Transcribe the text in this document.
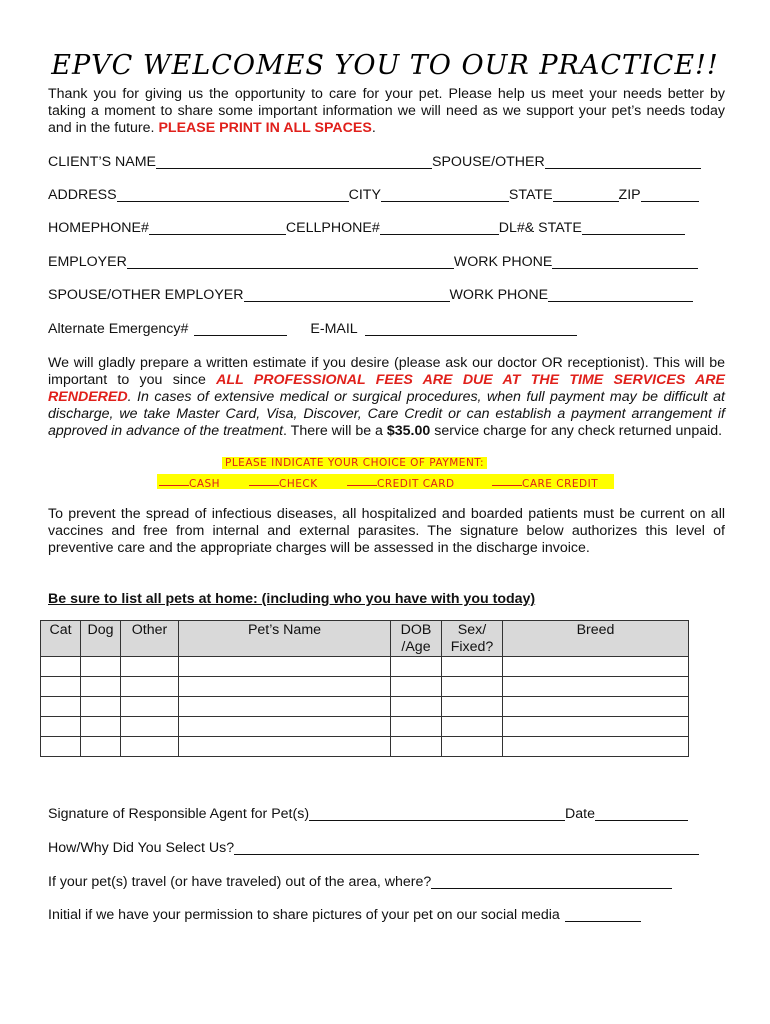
EPVC WELCOMES YOU TO OUR PRACTICE!!

Thank you for giving us the opportunity to care for your pet. Please help us meet your needs better by taking a moment to share some important information we will need as we support your pet’s needs today and in the future. PLEASE PRINT IN ALL SPACES.

CLIENT’S NAME	SPOUSE/OTHER
ADDRESS	CITY	STATE	ZIP
HOMEPHONE#	CELLPHONE#	DL#& STATE
EMPLOYER	WORK PHONE
SPOUSE/OTHER EMPLOYER	WORK PHONE
Alternate Emergency#	E-MAIL

We will gladly prepare a written estimate if you desire (please ask our doctor OR receptionist). This will be important to you since ALL PROFESSIONAL FEES ARE DUE AT THE TIME SERVICES ARE RENDERED. In cases of extensive medical or surgical procedures, when full payment may be difficult at discharge, we take Master Card, Visa, Discover, Care Credit or can establish a payment arrangement if approved in advance of the treatment. There will be a $35.00 service charge for any check returned unpaid.

PLEASE INDICATE YOUR CHOICE OF PAYMENT:
CASH	CHECK	CREDIT CARD	CARE CREDIT

To prevent the spread of infectious diseases, all hospitalized and boarded patients must be current on all vaccines and free from internal and external parasites. The signature below authorizes this level of preventive care and the appropriate charges will be assessed in the discharge invoice.

Be sure to list all pets at home: (including who you have with you today)
Cat	Dog	Other	Pet’s Name	DOB /Age	Sex/ Fixed?	Breed

Signature of Responsible Agent for Pet(s)	Date
How/Why Did You Select Us?
If your pet(s) travel (or have traveled) out of the area, where?
Initial if we have your permission to share pictures of your pet on our social media
